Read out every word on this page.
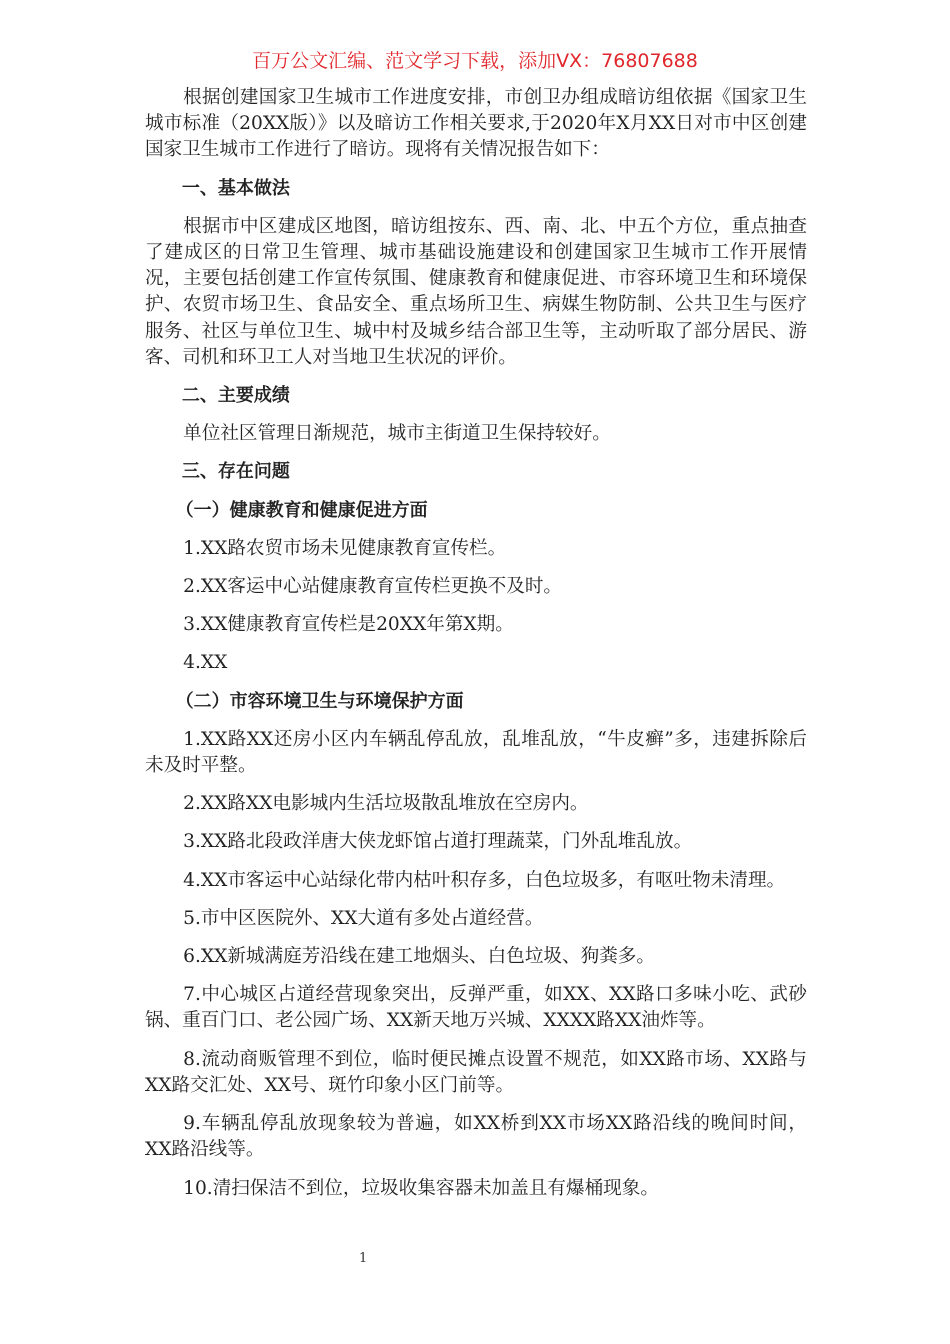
百万公文汇编、范文学习下载，添加VX：76807688

根据创建国家卫生城市工作进度安排，市创卫办组成暗访组依据《国家卫生城市标准（20XX版）》以及暗访工作相关要求,于2020年X月XX日对市中区创建国家卫生城市工作进行了暗访。现将有关情况报告如下：

一、基本做法

根据市中区建成区地图，暗访组按东、西、南、北、中五个方位，重点抽查了建成区的日常卫生管理、城市基础设施建设和创建国家卫生城市工作开展情况，主要包括创建工作宣传氛围、健康教育和健康促进、市容环境卫生和环境保护、农贸市场卫生、食品安全、重点场所卫生、病媒生物防制、公共卫生与医疗服务、社区与单位卫生、城中村及城乡结合部卫生等，主动听取了部分居民、游客、司机和环卫工人对当地卫生状况的评价。

二、主要成绩

单位社区管理日渐规范，城市主街道卫生保持较好。

三、存在问题

（一）健康教育和健康促进方面

1.XX路农贸市场未见健康教育宣传栏。

2.XX客运中心站健康教育宣传栏更换不及时。

3.XX健康教育宣传栏是20XX年第X期。

4.XX

（二）市容环境卫生与环境保护方面

1.XX路XX还房小区内车辆乱停乱放，乱堆乱放，“牛皮癣”多，违建拆除后未及时平整。

2.XX路XX电影城内生活垃圾散乱堆放在空房内。

3.XX路北段政洋唐大侠龙虾馆占道打理蔬菜，门外乱堆乱放。

4.XX市客运中心站绿化带内枯叶积存多，白色垃圾多，有呕吐物未清理。

5.市中区医院外、XX大道有多处占道经营。

6.XX新城满庭芳沿线在建工地烟头、白色垃圾、狗粪多。

7.中心城区占道经营现象突出，反弹严重，如XX、XX路口多味小吃、武砂锅、重百门口、老公园广场、XX新天地万兴城、XXXX路XX油炸等。

8.流动商贩管理不到位，临时便民摊点设置不规范，如XX路市场、XX路与XX路交汇处、XX号、斑竹印象小区门前等。

9.车辆乱停乱放现象较为普遍，如XX桥到XX市场XX路沿线的晚间时间，XX路沿线等。

10.清扫保洁不到位，垃圾收集容器未加盖且有爆桶现象。

1
